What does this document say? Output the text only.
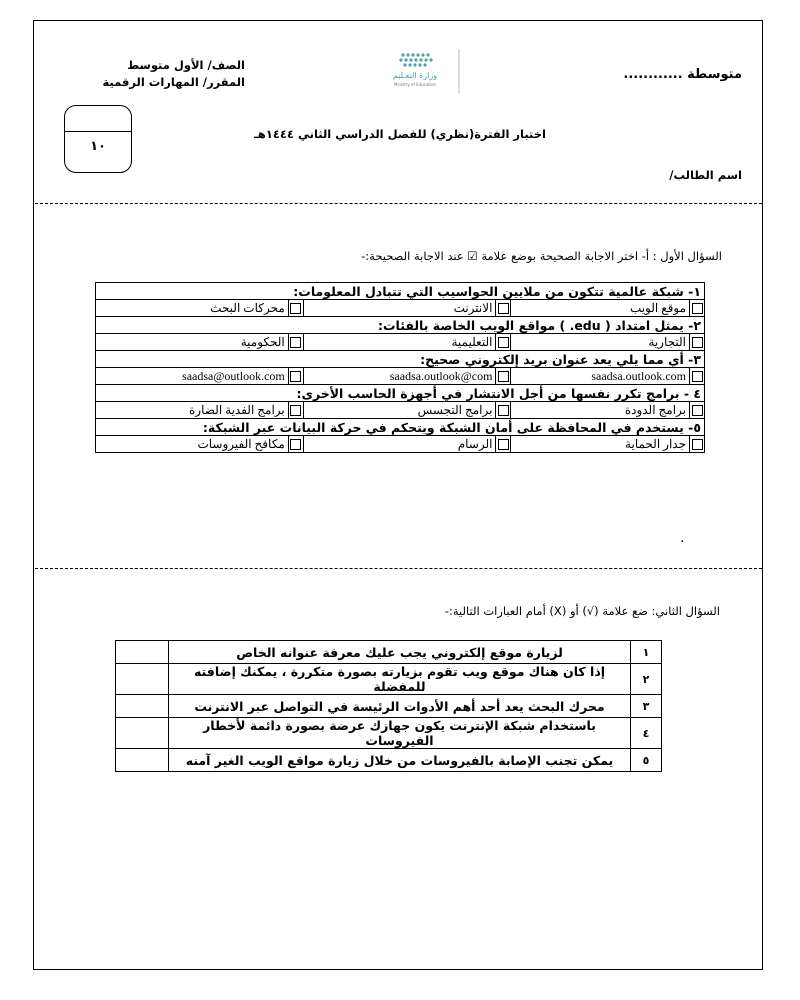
متوسطة ............
الصف/ الأول متوسط
المقرر/ المهارات الرقمية	وزارة التعـليم
Ministry of Education
اختبار الفترة(نظري) للفصل الدراسي الثاني ١٤٤٤هـ
١٠
اسم الطالب/
السؤال الأول : أ- اختر الاجابة الصحيحة بوضع علامة ☑ عند الاجابة الصحيحة:-
١- شبكة عالمية تتكون من ملايين الحواسيب التي تتبادل المعلومات:					
	موقع الويب		الانترنت		محركات البحث
٢- يمثل امتداد ( edu. ) مواقع الويب الخاصة بالفئات:					
	التجارية		التعليمية		الحكومية
٣- أي مما يلي يعد عنوان بريد إلكتروني صحيح:					
	saadsa.outlook.com		saadsa.outlook@com		saadsa@outlook.com
٤ - برامج تكرر نفسها من أجل الانتشار في أجهزة الحاسب الأخرى:					
	برامج الدودة		برامج التجسس		برامج الفدية الضارة
٥- يستخدم في المحافظة على أمان الشبكة ويتحكم في حركة البيانات عبر الشبكة:					
	جدار الحماية		الرسام		مكافح الفيروسات
.
السؤال الثاني: ضع علامة (√) أو (X) أمام العبارات التالية:-
١	لزيارة موقع إلكتروني يجب عليك معرفة عنوانه الخاص	
٢	إذا كان هناك موقع ويب تقوم بزيارته بصورة متكررة ، يمكنك إضافته للمفضلة	
٣	محرك البحث يعد أحد أهم الأدوات الرئيسة في التواصل عبر الانترنت	
٤	باستخدام شبكة الإنترنت يكون جهازك عرضة بصورة دائمة لأخطار الفيروسات	
٥	يمكن تجنب الإصابة بالفيروسات من خلال زيارة مواقع الويب الغير آمنه	
